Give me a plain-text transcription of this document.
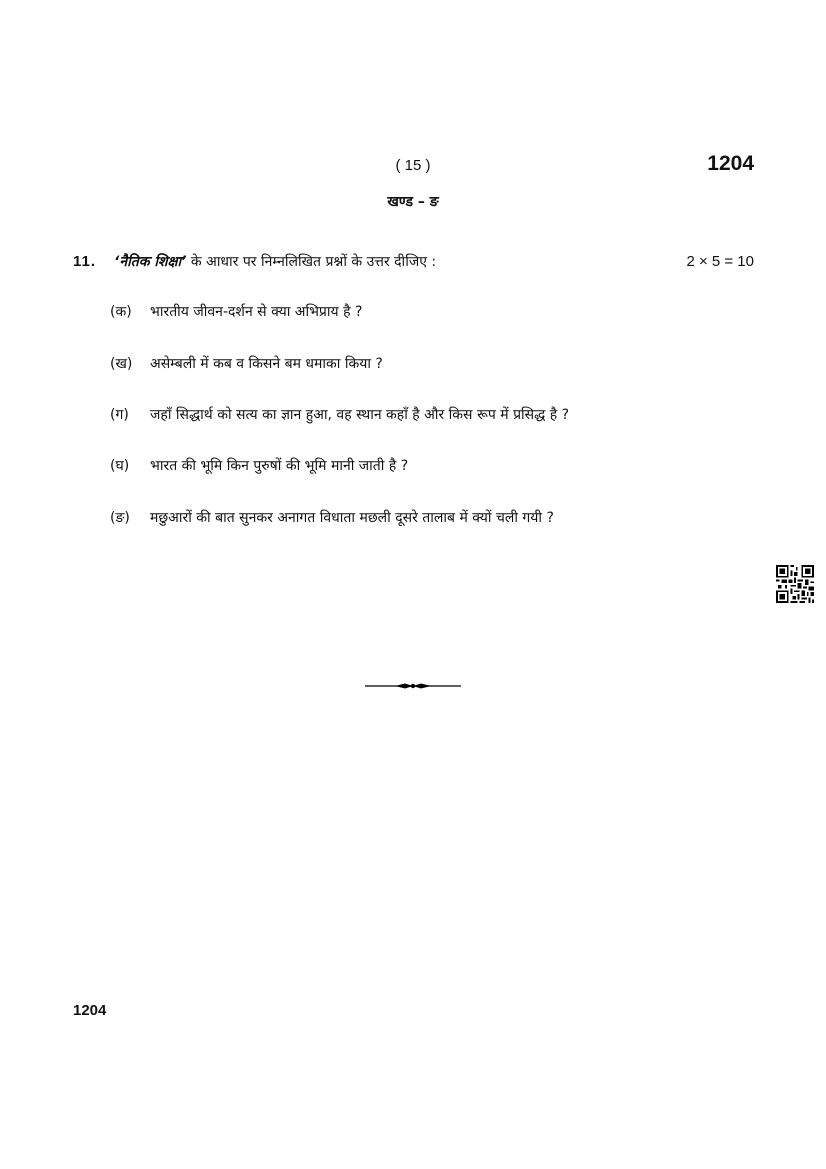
( 15 )	1204
खण्ड – ङ
11. ‘नैतिक शिक्षा’ के आधार पर निम्नलिखित प्रश्नों के उत्तर दीजिए :	2 × 5 = 10
(क) भारतीय जीवन-दर्शन से क्या अभिप्राय है ?
(ख) असेम्बली में कब व किसने बम धमाका किया ?
(ग) जहाँ सिद्धार्थ को सत्य का ज्ञान हुआ, वह स्थान कहाँ है और किस रूप में प्रसिद्ध है ?
(घ) भारत की भूमि किन पुरुषों की भूमि मानी जाती है ?
(ङ) मछुआरों की बात सुनकर अनागत विधाता मछली दूसरे तालाब में क्यों चली गयी ?
1204
